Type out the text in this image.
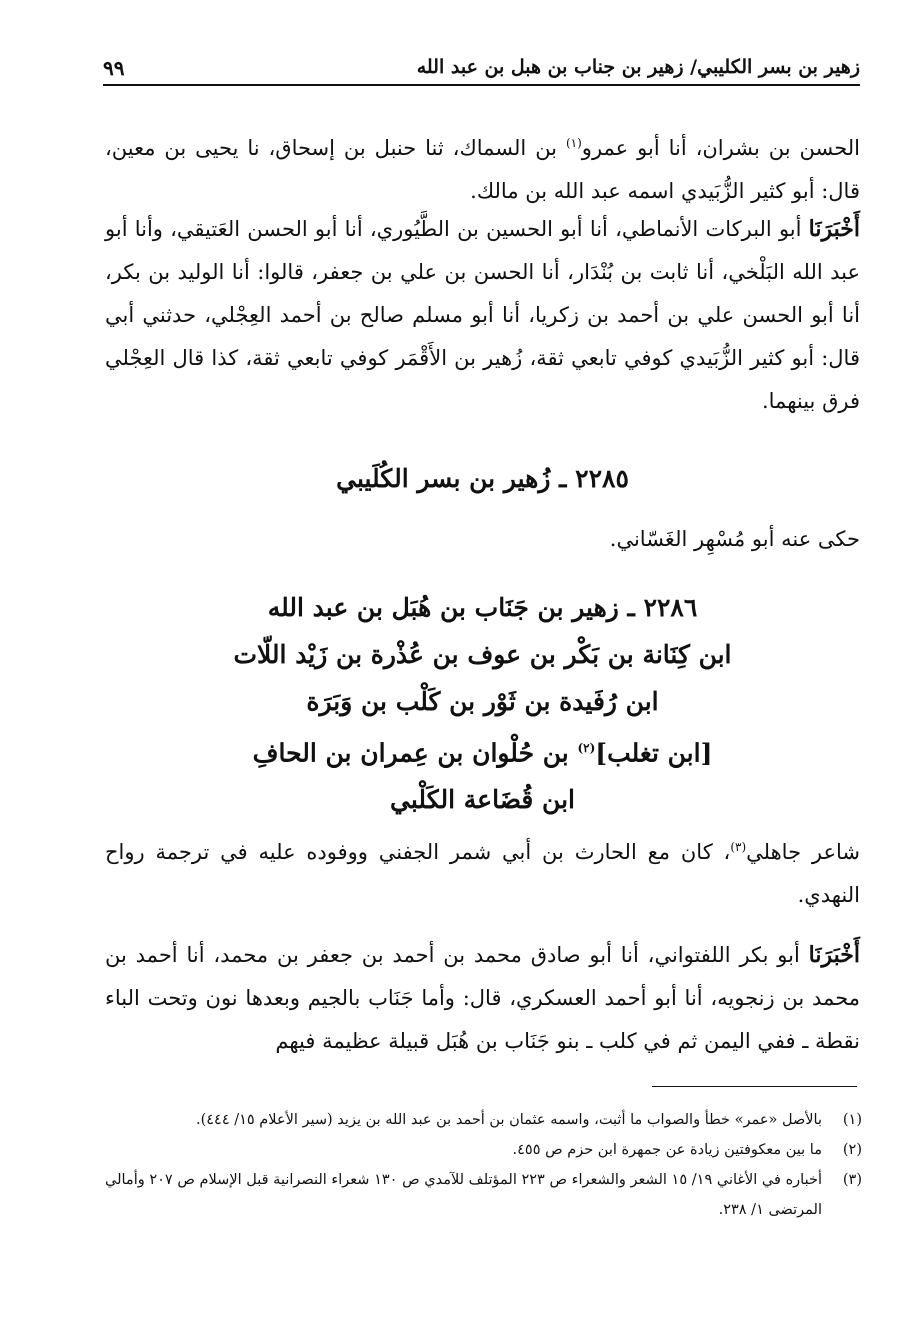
زهير بن بسر الكليبي/ زهير بن جناب بن هبل بن عبد الله
٩٩

الحسن بن بشران، أنا أبو عمرو$^{(١)}$ بن السماك، ثنا حنبل بن إسحاق، نا يحيى بن معين، قال: أبو كثير الزُّبَيدي اسمه عبد الله بن مالك.

أَخْبَرَنَا أبو البركات الأنماطي، أنا أبو الحسين بن الطَّيُوري، أنا أبو الحسن العَتيقي، وأنا أبو عبد الله البَلْخي، أنا ثابت بن بُنْدَار، أنا الحسن بن علي بن جعفر، قالوا: أنا الوليد بن بكر، أنا أبو الحسن علي بن أحمد بن زكريا، أنا أبو مسلم صالح بن أحمد العِجْلي، حدثني أبي قال: أبو كثير الزُّبَيدي كوفي تابعي ثقة، زُهير بن الأَقْمَر كوفي تابعي ثقة، كذا قال العِجْلي فرق بينهما.

٢٢٨٥ ـ زُهير بن بسر الكُلَيبي

حكى عنه أبو مُسْهِر الغَسّاني.

٢٢٨٦ ـ زهير بن جَنَاب بن هُبَل بن عبد الله
ابن كِنَانة بن بَكْر بن عوف بن عُذْرة بن زَيْد اللّات
ابن رُفَيدة بن ثَوْر بن كَلْب بن وَبَرَة
[ابن تغلب]$^{(٢)}$ بن حُلْوان بن عِمران بن الحافِ
ابن قُضَاعة الكَلْبي

شاعر جاهلي$^{(٣)}$، كان مع الحارث بن أبي شمر الجفني ووفوده عليه في ترجمة رواح النهدي.

أَخْبَرَنَا أبو بكر اللفتواني، أنا أبو صادق محمد بن أحمد بن جعفر بن محمد، أنا أحمد بن محمد بن زنجويه، أنا أبو أحمد العسكري، قال: وأما جَنَاب بالجيم وبعدها نون وتحت الباء نقطة ـ ففي اليمن ثم في كلب ـ بنو جَنَاب بن هُبَل قبيلة عظيمة فيهم

(١)
بالأصل «عمر» خطأ والصواب ما أثبت، واسمه عثمان بن أحمد بن عبد الله بن يزيد (سير الأعلام ١٥/ ٤٤٤).
(٢)
ما بين معكوفتين زيادة عن جمهرة ابن حزم ص ٤٥٥.
(٣)
أخباره في الأغاني ١٩/ ١٥ الشعر والشعراء ص ٢٢٣ المؤتلف للآمدي ص ١٣٠ شعراء النصرانية قبل الإسلام ص ٢٠٧ وأمالي المرتضى ١/ ٢٣٨.
